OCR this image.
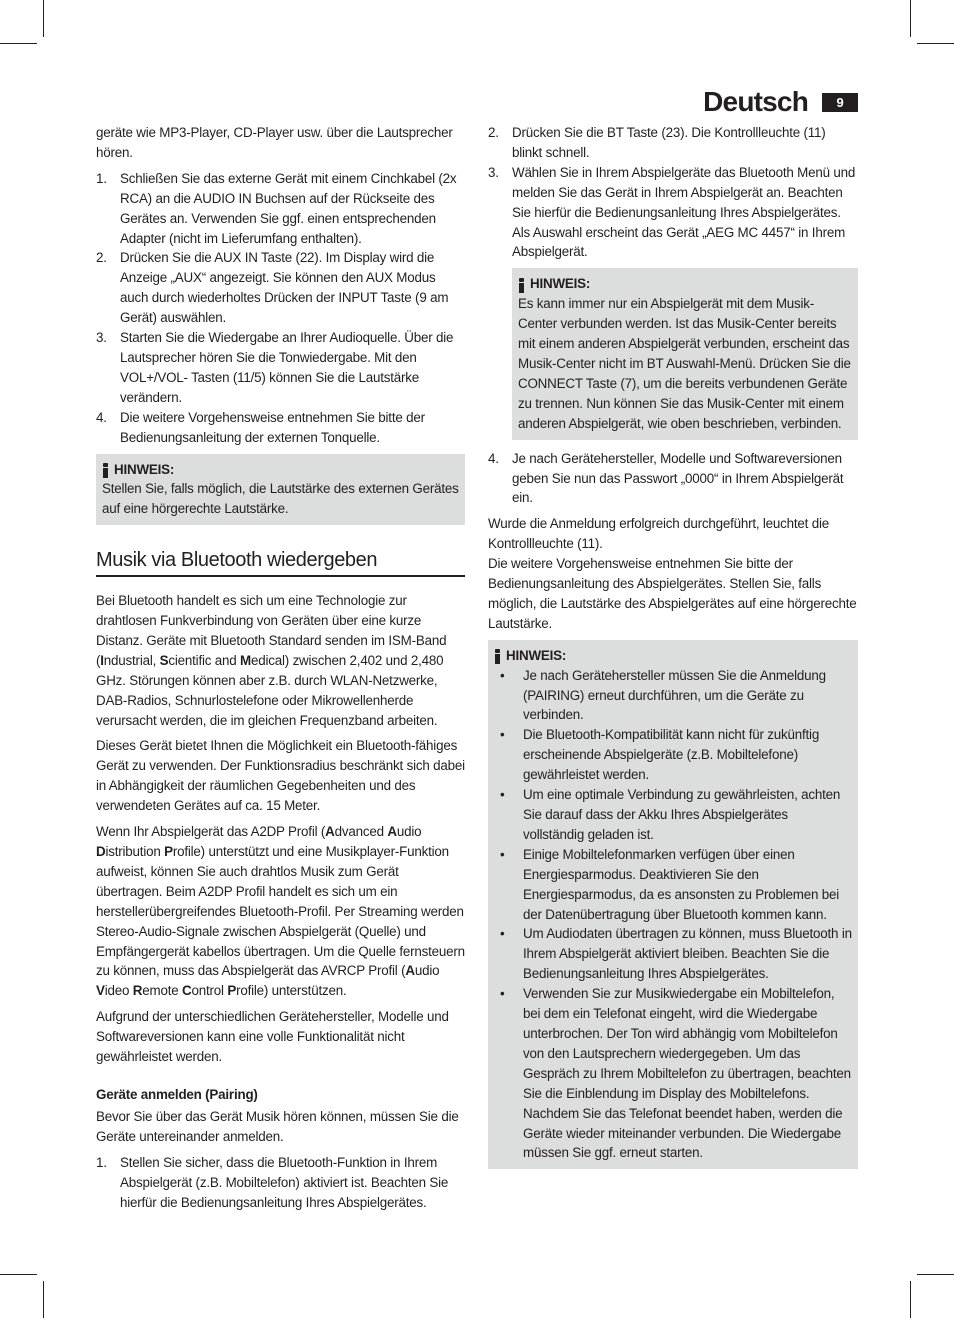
Deutsch	9

geräte wie MP3-Player, CD-Player usw. über die Lautsprecher hören.

1. Schließen Sie das externe Gerät mit einem Cinchkabel (2x RCA) an die AUDIO IN Buchsen auf der Rückseite des Gerätes an. Verwenden Sie ggf. einen entsprechenden Adapter (nicht im Lieferumfang enthalten).
2. Drücken Sie die AUX IN Taste (22). Im Display wird die Anzeige „AUX“ angezeigt. Sie können den AUX Modus auch durch wiederholtes Drücken der INPUT Taste (9 am Gerät) auswählen.
3. Starten Sie die Wiedergabe an Ihrer Audioquelle. Über die Lautsprecher hören Sie die Tonwiedergabe. Mit den VOL+/VOL- Tasten (11/5) können Sie die Lautstärke verändern.
4. Die weitere Vorgehensweise entnehmen Sie bitte der Bedienungsanleitung der externen Tonquelle.
HINWEIS:
Stellen Sie, falls möglich, die Lautstärke des externen Gerätes auf eine hörgerechte Lautstärke.
Musik via Bluetooth wiedergeben

Bei Bluetooth handelt es sich um eine Technologie zur drahtlosen Funkverbindung von Geräten über eine kurze Distanz. Geräte mit Bluetooth Standard senden im ISM-Band (Industrial, Scientific and Medical) zwischen 2,402 und 2,480 GHz. Störungen können aber z.B. durch WLAN-Netzwerke, DAB-Radios, Schnurlostelefone oder Mikrowellenherde verursacht werden, die im gleichen Frequenzband arbeiten.

Dieses Gerät bietet Ihnen die Möglichkeit ein Bluetooth-fähiges Gerät zu verwenden. Der Funktionsradius beschränkt sich dabei in Abhängigkeit der räumlichen Gegebenheiten und des verwendeten Gerätes auf ca. 15 Meter.

Wenn Ihr Abspielgerät das A2DP Profil (Advanced Audio Distribution Profile) unterstützt und eine Musikplayer-Funktion aufweist, können Sie auch drahtlos Musik zum Gerät übertragen. Beim A2DP Profil handelt es sich um ein herstellerübergreifendes Bluetooth-Profil. Per Streaming werden Stereo-Audio-Signale zwischen Abspielgerät (Quelle) und Empfängergerät kabellos übertragen. Um die Quelle fernsteuern zu können, muss das Abspielgerät das AVRCP Profil (Audio Video Remote Control Profile) unterstützen.

Aufgrund der unterschiedlichen Gerätehersteller, Modelle und Softwareversionen kann eine volle Funktionalität nicht gewährleistet werden.

Geräte anmelden (Pairing)

Bevor Sie über das Gerät Musik hören können, müssen Sie die Geräte untereinander anmelden.

1. Stellen Sie sicher, dass die Bluetooth-Funktion in Ihrem Abspielgerät (z.B. Mobiltelefon) aktiviert ist. Beachten Sie hierfür die Bedienungsanleitung Ihres Abspielgerätes.
2. Drücken Sie die BT Taste (23). Die Kontrollleuchte (11) blinkt schnell.
3. Wählen Sie in Ihrem Abspielgeräte das Bluetooth Menü und melden Sie das Gerät in Ihrem Abspielgerät an. Beachten Sie hierfür die Bedienungsanleitung Ihres Abspielgerätes. Als Auswahl erscheint das Gerät „AEG MC 4457“ in Ihrem Abspielgerät.
HINWEIS:
Es kann immer nur ein Abspielgerät mit dem Musik-Center verbunden werden. Ist das Musik-Center bereits mit einem anderen Abspielgerät verbunden, erscheint das Musik-Center nicht im BT Auswahl-Menü. Drücken Sie die CONNECT Taste (7), um die bereits verbundenen Geräte zu trennen. Nun können Sie das Musik-Center mit einem anderen Abspielgerät, wie oben beschrieben, verbinden.
4. Je nach Gerätehersteller, Modelle und Softwareversionen geben Sie nun das Passwort „0000“ in Ihrem Abspielgerät ein.

Wurde die Anmeldung erfolgreich durchgeführt, leuchtet die Kontrollleuchte (11).

Die weitere Vorgehensweise entnehmen Sie bitte der Bedienungsanleitung des Abspielgerätes. Stellen Sie, falls möglich, die Lautstärke des Abspielgerätes auf eine hörgerechte Lautstärke.

HINWEIS:
•	Je nach Gerätehersteller müssen Sie die Anmeldung (PAIRING) erneut durchführen, um die Geräte zu verbinden.
•	Die Bluetooth-Kompatibilität kann nicht für zukünftig erscheinende Abspielgeräte (z.B. Mobiltelefone) gewährleistet werden.
•	Um eine optimale Verbindung zu gewährleisten, achten Sie darauf dass der Akku Ihres Abspielgerätes vollständig geladen ist.
•	Einige Mobiltelefonmarken verfügen über einen Energiesparmodus. Deaktivieren Sie den Energiesparmodus, da es ansonsten zu Problemen bei der Datenübertragung über Bluetooth kommen kann.
•	Um Audiodaten übertragen zu können, muss Bluetooth in Ihrem Abspielgerät aktiviert bleiben. Beachten Sie die Bedienungsanleitung Ihres Abspielgerätes.
•	Verwenden Sie zur Musikwiedergabe ein Mobiltelefon, bei dem ein Telefonat eingeht, wird die Wiedergabe unterbrochen. Der Ton wird abhängig vom Mobiltelefon von den Lautsprechern wiedergegeben. Um das Gespräch zu Ihrem Mobiltelefon zu übertragen, beachten Sie die Einblendung im Display des Mobiltelefons. Nachdem Sie das Telefonat beendet haben, werden die Geräte wieder miteinander verbunden. Die Wiedergabe müssen Sie ggf. erneut starten.
